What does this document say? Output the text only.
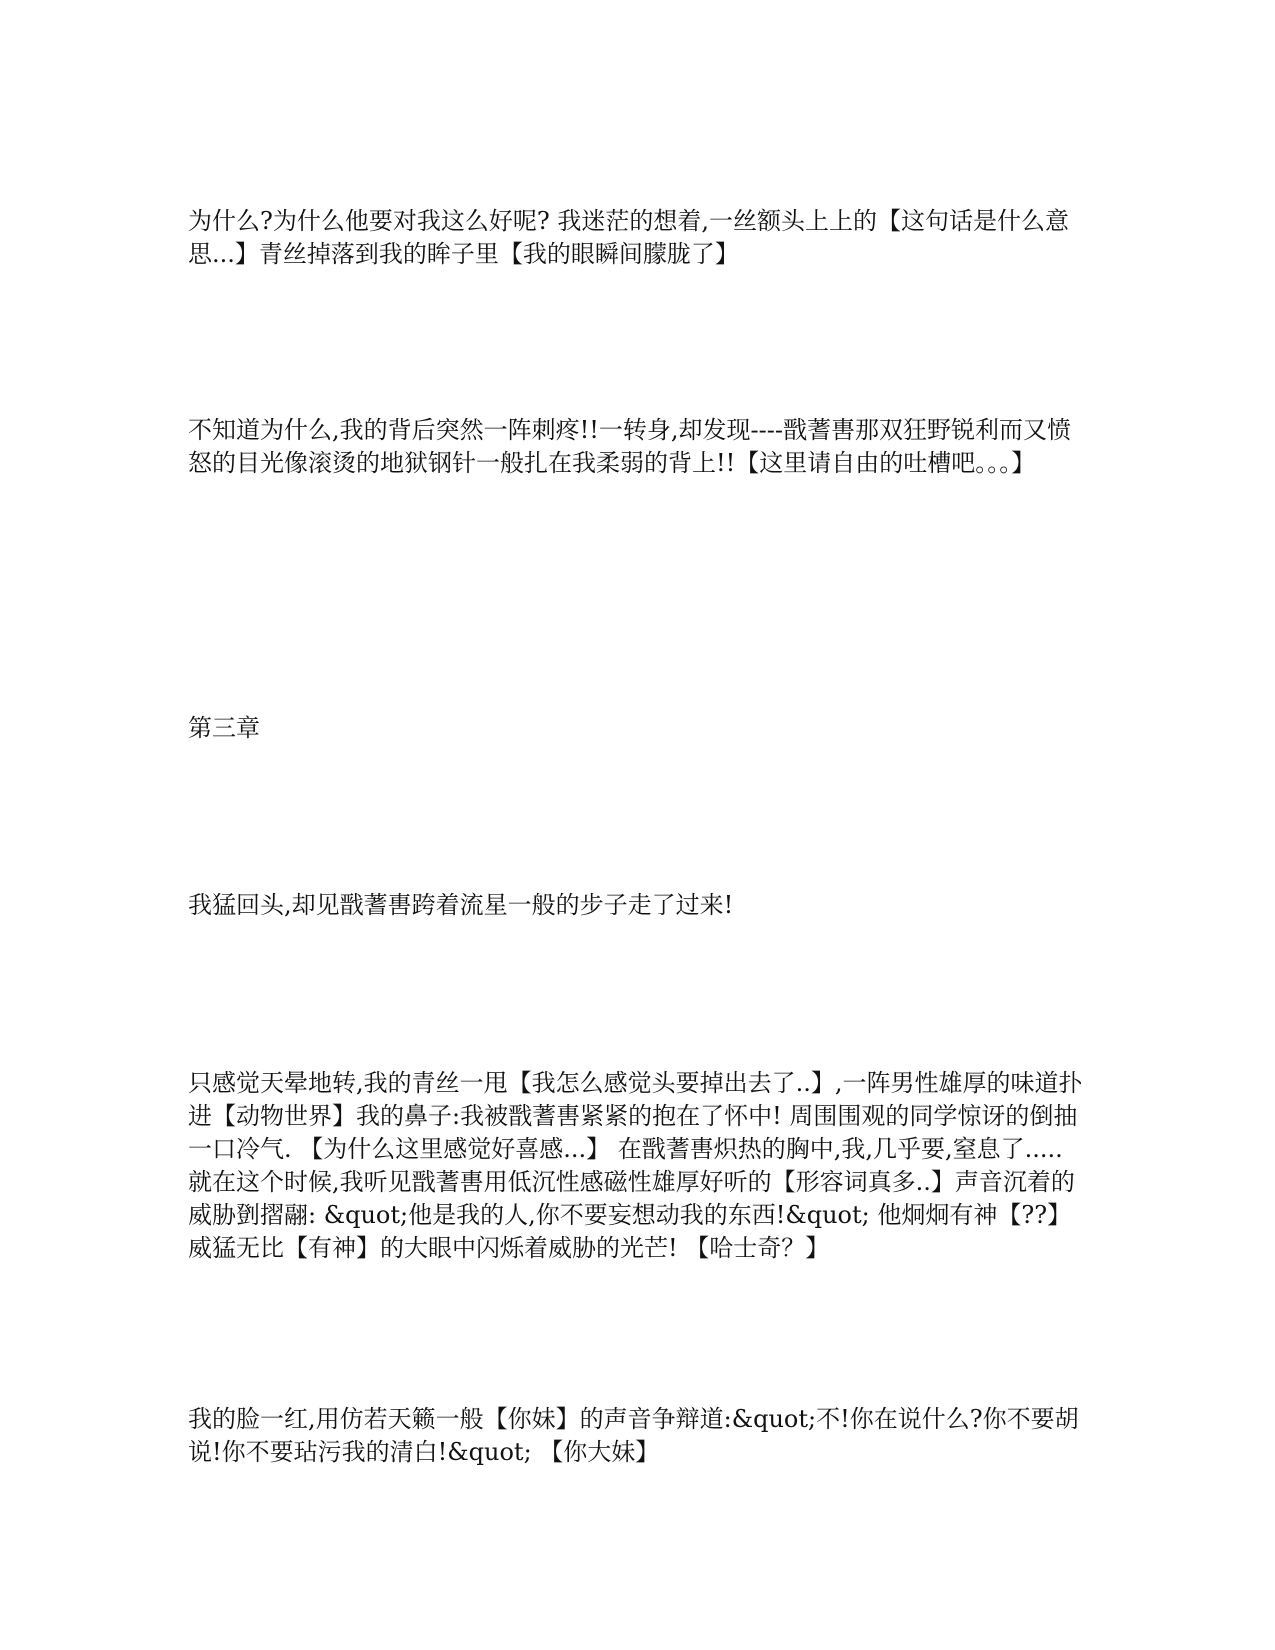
为什么?为什么他要对我这么好呢? 我迷茫的想着,一丝额头上上的【这句话是什么意思...】青丝掉落到我的眸子里【我的眼瞬间朦胧了】

不知道为什么,我的背后突然一阵刺疼!!一转身,却发现----戬蓍軎那双狂野锐利而又愤怒的目光像滚烫的地狱钢针一般扎在我柔弱的背上!!【这里请自由的吐槽吧。。。】

第三章

我猛回头,却见戬蓍軎跨着流星一般的步子走了过来!

只感觉天晕地转,我的青丝一甩【我怎么感觉头要掉出去了..】,一阵男性雄厚的味道扑进【动物世界】我的鼻子:我被戬蓍軎紧紧的抱在了怀中! 周围围观的同学惊讶的倒抽一口冷气. 【为什么这里感觉好喜感...】 在戬蓍軎炽热的胸中,我,几乎要,窒息了..... 就在这个时候,我听见戬蓍軎用低沉性感磁性雄厚好听的【形容词真多..】声音沉着的威胁㔁摺翮: &quot;他是我的人,你不要妄想动我的东西!&quot; 他炯炯有神【??】威猛无比【有神】的大眼中闪烁着威胁的光芒! 【哈士奇？】

我的脸一红,用仿若天籁一般【你妹】的声音争辩道:&quot;不!你在说什么?你不要胡说!你不要玷污我的清白!&quot; 【你大妹】
